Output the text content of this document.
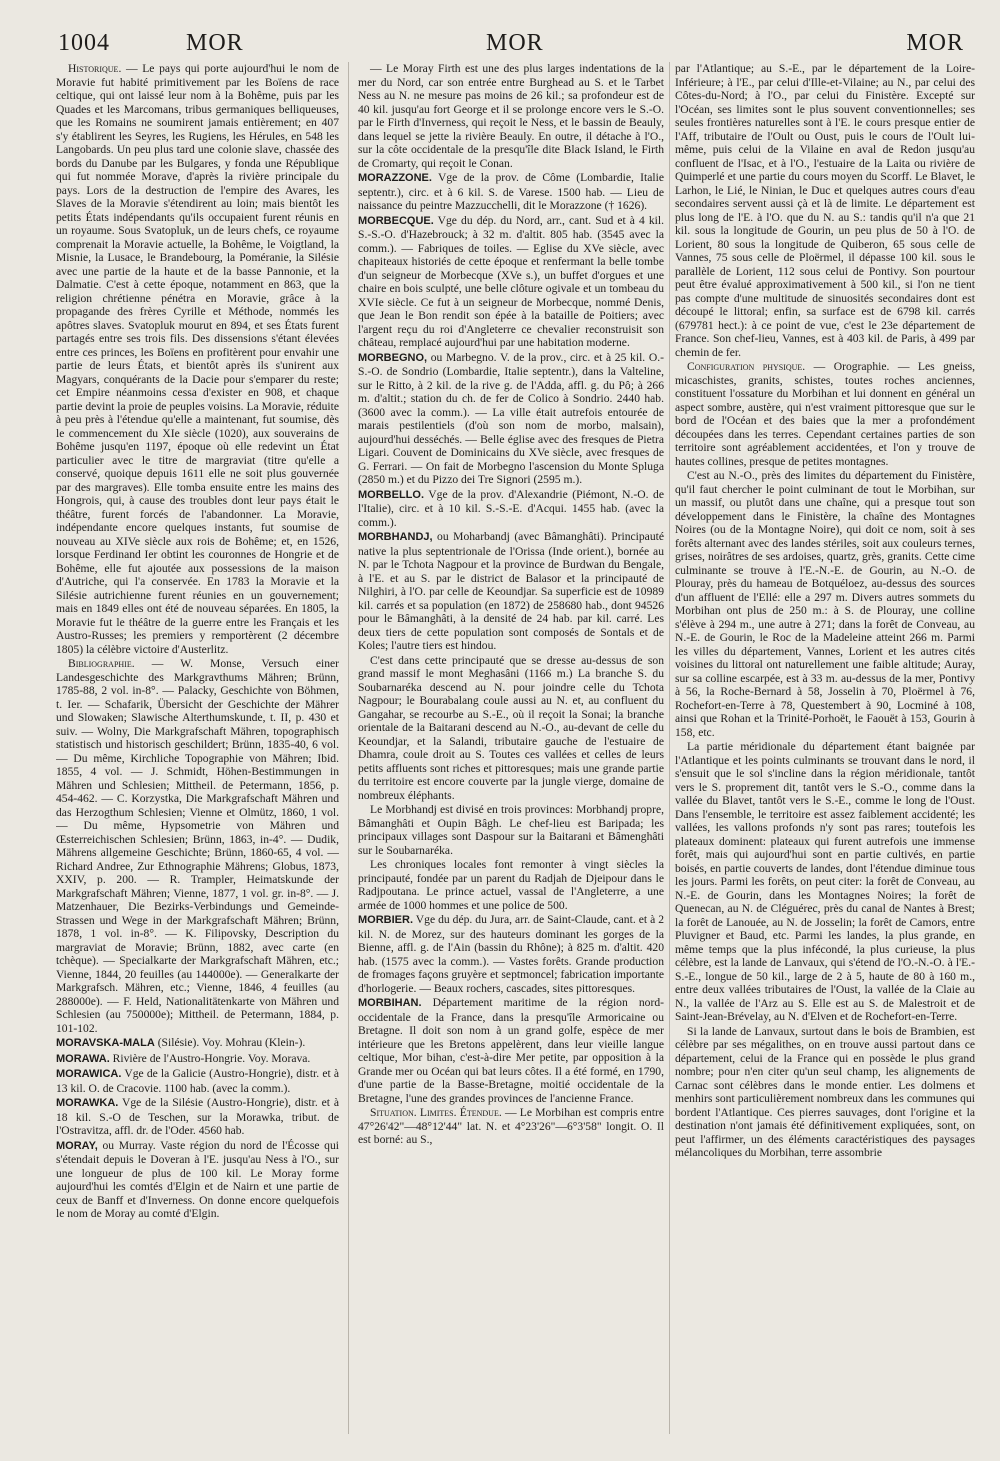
1004	MOR	MOR	MOR

Historique. — Le pays qui porte aujourd'hui le nom de Moravie fut habité primitivement par les Boïens de race celtique, qui ont laissé leur nom à la Bohême, puis par les Quades et les Marcomans, tribus germaniques belliqueuses, que les Romains ne soumirent jamais entièrement; en 407 s'y établirent les Seyres, les Rugiens, les Hérules, en 548 les Langobards. Un peu plus tard une colonie slave, chassée des bords du Danube par les Bulgares, y fonda une République qui fut nommée Morave, d'après la rivière principale du pays. Lors de la destruction de l'empire des Avares, les Slaves de la Moravie s'étendirent au loin; mais bientôt les petits États indépendants qu'ils occupaient furent réunis en un royaume. Sous Svatopluk, un de leurs chefs, ce royaume comprenait la Moravie actuelle, la Bohême, le Voigtland, la Misnie, la Lusace, le Brandebourg, la Poméranie, la Silésie avec une partie de la haute et de la basse Pannonie, et la Dalmatie. C'est à cette époque, notamment en 863, que la religion chrétienne pénétra en Moravie, grâce à la propagande des frères Cyrille et Méthode, nommés les apôtres slaves. Svatopluk mourut en 894, et ses États furent partagés entre ses trois fils. Des dissensions s'étant élevées entre ces princes, les Boïens en profitèrent pour envahir une partie de leurs États, et bientôt après ils s'unirent aux Magyars, conquérants de la Dacie pour s'emparer du reste; cet Empire néanmoins cessa d'exister en 908, et chaque partie devint la proie de peuples voisins. La Moravie, réduite à peu près à l'étendue qu'elle a maintenant, fut soumise, dès le commencement du XIe siècle (1020), aux souverains de Bohême jusqu'en 1197, époque où elle redevint un État particulier avec le titre de margraviat (titre qu'elle a conservé, quoique depuis 1611 elle ne soit plus gouvernée par des margraves). Elle tomba ensuite entre les mains des Hongrois, qui, à cause des troubles dont leur pays était le théâtre, furent forcés de l'abandonner. La Moravie, indépendante encore quelques instants, fut soumise de nouveau au XIVe siècle aux rois de Bohême; et, en 1526, lorsque Ferdinand Ier obtint les couronnes de Hongrie et de Bohême, elle fut ajoutée aux possessions de la maison d'Autriche, qui l'a conservée. En 1783 la Moravie et la Silésie autrichienne furent réunies en un gouvernement; mais en 1849 elles ont été de nouveau séparées. En 1805, la Moravie fut le théâtre de la guerre entre les Français et les Austro-Russes; les premiers y remportèrent (2 décembre 1805) la célèbre victoire d'Austerlitz.

Bibliographie. — W. Monse, Versuch einer Landesgeschichte des Markgravthums Mähren; Brünn, 1785-88, 2 vol. in-8°. — Palacky, Geschichte von Böhmen, t. Ier. — Schafarik, Übersicht der Geschichte der Mährer und Slowaken; Slawische Alterthumskunde, t. II, p. 430 et suiv. — Wolny, Die Markgrafschaft Mähren, topographisch statistisch und historisch geschildert; Brünn, 1835-40, 6 vol. — Du même, Kirchliche Topographie von Mähren; Ibid. 1855, 4 vol. — J. Schmidt, Höhen-Bestimmungen in Mähren und Schlesien; Mittheil. de Petermann, 1856, p. 454-462. — C. Korzystka, Die Markgrafschaft Mähren und das Herzogthum Schlesien; Vienne et Olmütz, 1860, 1 vol. — Du même, Hypsometrie von Mähren und Œsterreichischen Schlesien; Brünn, 1863, in-4°. — Dudik, Mährens allgemeine Geschichte; Brünn, 1860-65, 4 vol. — Richard Andree, Zur Ethnographie Mährens; Globus, 1873, XXIV, p. 200. — R. Trampler, Heimatskunde der Markgrafschaft Mähren; Vienne, 1877, 1 vol. gr. in-8°. — J. Matzenhauer, Die Bezirks-Verbindungs und Gemeinde-Strassen und Wege in der Markgrafschaft Mähren; Brünn, 1878, 1 vol. in-8°. — K. Filipovsky, Description du margraviat de Moravie; Brünn, 1882, avec carte (en tchèque). — Specialkarte der Markgrafschaft Mähren, etc.; Vienne, 1844, 20 feuilles (au 144000e). — Generalkarte der Markgrafsch. Mähren, etc.; Vienne, 1846, 4 feuilles (au 288000e). — F. Held, Nationalitätenkarte von Mähren und Schlesien (au 750000e); Mittheil. de Petermann, 1884, p. 101-102.

MORAVSKA-MALA (Silésie). Voy. Mohrau (Klein-).

MORAWA. Rivière de l'Austro-Hongrie. Voy. Morava.

MORAWICA. Vge de la Galicie (Austro-Hongrie), distr. et à 13 kil. O. de Cracovie. 1100 hab. (avec la comm.).

MORAWKA. Vge de la Silésie (Austro-Hongrie), distr. et à 18 kil. S.-O de Teschen, sur la Morawka, tribut. de l'Ostravitza, affl. dr. de l'Oder. 4560 hab.

MORAY, ou Murray. Vaste région du nord de l'Écosse qui s'étendait depuis le Doveran à l'E. jusqu'au Ness à l'O., sur une longueur de plus de 100 kil. Le Moray forme aujourd'hui les comtés d'Elgin et de Nairn et une partie de ceux de Banff et d'Inverness. On donne encore quelquefois le nom de Moray au comté d'Elgin.

— Le Moray Firth est une des plus larges indentations de la mer du Nord, car son entrée entre Burghead au S. et le Tarbet Ness au N. ne mesure pas moins de 26 kil.; sa profondeur est de 40 kil. jusqu'au fort George et il se prolonge encore vers le S.-O. par le Firth d'Inverness, qui reçoit le Ness, et le bassin de Beauly, dans lequel se jette la rivière Beauly. En outre, il détache à l'O., sur la côte occidentale de la presqu'île dite Black Island, le Firth de Cromarty, qui reçoit le Conan.

MORAZZONE. Vge de la prov. de Côme (Lombardie, Italie septentr.), circ. et à 6 kil. S. de Varese. 1500 hab. — Lieu de naissance du peintre Mazzucchelli, dit le Morazzone († 1626).

MORBECQUE. Vge du dép. du Nord, arr., cant. Sud et à 4 kil. S.-S.-O. d'Hazebrouck; à 32 m. d'altit. 805 hab. (3545 avec la comm.). — Fabriques de toiles. — Eglise du XVe siècle, avec chapiteaux historiés de cette époque et renfermant la belle tombe d'un seigneur de Morbecque (XVe s.), un buffet d'orgues et une chaire en bois sculpté, une belle clôture ogivale et un tombeau du XVIe siècle. Ce fut à un seigneur de Morbecque, nommé Denis, que Jean le Bon rendit son épée à la bataille de Poitiers; avec l'argent reçu du roi d'Angleterre ce chevalier reconstruisit son château, remplacé aujourd'hui par une habitation moderne.

MORBEGNO, ou Marbegno. V. de la prov., circ. et à 25 kil. O.-S.-O. de Sondrio (Lombardie, Italie septentr.), dans la Valteline, sur le Ritto, à 2 kil. de la rive g. de l'Adda, affl. g. du Pô; à 266 m. d'altit.; station du ch. de fer de Colico à Sondrio. 2440 hab. (3600 avec la comm.). — La ville était autrefois entourée de marais pestilentiels (d'où son nom de morbo, malsain), aujourd'hui desséchés. — Belle église avec des fresques de Pietra Ligari. Couvent de Dominicains du XVe siècle, avec fresques de G. Ferrari. — On fait de Morbegno l'ascension du Monte Spluga (2850 m.) et du Pizzo dei Tre Signori (2595 m.).

MORBELLO. Vge de la prov. d'Alexandrie (Piémont, N.-O. de l'Italie), circ. et à 10 kil. S.-S.-E. d'Acqui. 1455 hab. (avec la comm.).

MORBHANDJ, ou Moharbandj (avec Bâmanghâti). Principauté native la plus septentrionale de l'Orissa (Inde orient.), bornée au N. par le Tchota Nagpour et la province de Burdwan du Bengale, à l'E. et au S. par le district de Balasor et la principauté de Nilghiri, à l'O. par celle de Keoundjar. Sa superficie est de 10989 kil. carrés et sa population (en 1872) de 258680 hab., dont 94526 pour le Bâmanghâti, à la densité de 24 hab. par kil. carré. Les deux tiers de cette population sont composés de Sontals et de Koles; l'autre tiers est hindou.

C'est dans cette principauté que se dresse au-dessus de son grand massif le mont Meghasâni (1166 m.) La branche S. du Soubarnaréka descend au N. pour joindre celle du Tchota Nagpour; le Bourabalang coule aussi au N. et, au confluent du Gangahar, se recourbe au S.-E., où il reçoit la Sonai; la branche orientale de la Baitarani descend au N.-O., au-devant de celle du Keoundjar, et la Salandi, tributaire gauche de l'estuaire de Dhamra, coule droit au S. Toutes ces vallées et celles de leurs petits affluents sont riches et pittoresques; mais une grande partie du territoire est encore couverte par la jungle vierge, domaine de nombreux éléphants.

Le Morbhandj est divisé en trois provinces: Morbhandj propre, Bâmanghâti et Oupin Bâgh. Le chef-lieu est Baripada; les principaux villages sont Daspour sur la Baitarani et Bâmenghâti sur le Soubarnaréka.

Les chroniques locales font remonter à vingt siècles la principauté, fondée par un parent du Radjah de Djeipour dans le Radjpoutana. Le prince actuel, vassal de l'Angleterre, a une armée de 1000 hommes et une police de 500.

MORBIER. Vge du dép. du Jura, arr. de Saint-Claude, cant. et à 2 kil. N. de Morez, sur des hauteurs dominant les gorges de la Bienne, affl. g. de l'Ain (bassin du Rhône); à 825 m. d'altit. 420 hab. (1575 avec la comm.). — Vastes forêts. Grande production de fromages façons gruyère et septmoncel; fabrication importante d'horlogerie. — Beaux rochers, cascades, sites pittoresques.

MORBIHAN. Département maritime de la région nord-occidentale de la France, dans la presqu'île Armoricaine ou Bretagne. Il doit son nom à un grand golfe, espèce de mer intérieure que les Bretons appelèrent, dans leur vieille langue celtique, Mor bihan, c'est-à-dire Mer petite, par opposition à la Grande mer ou Océan qui bat leurs côtes. Il a été formé, en 1790, d'une partie de la Basse-Bretagne, moitié occidentale de la Bretagne, l'une des grandes provinces de l'ancienne France.

Situation. Limites. Étendue. — Le Morbihan est compris entre 47°26'42"—48°12'44" lat. N. et 4°23'26"—6°3'58" longit. O. Il est borné: au S.,

par l'Atlantique; au S.-E., par le département de la Loire-Inférieure; à l'E., par celui d'Ille-et-Vilaine; au N., par celui des Côtes-du-Nord; à l'O., par celui du Finistère. Excepté sur l'Océan, ses limites sont le plus souvent conventionnelles; ses seules frontières naturelles sont à l'E. le cours presque entier de l'Aff, tributaire de l'Oult ou Oust, puis le cours de l'Oult lui-même, puis celui de la Vilaine en aval de Redon jusqu'au confluent de l'Isac, et à l'O., l'estuaire de la Laita ou rivière de Quimperlé et une partie du cours moyen du Scorff. Le Blavet, le Larhon, le Lié, le Ninian, le Duc et quelques autres cours d'eau secondaires servent aussi çà et là de limite. Le département est plus long de l'E. à l'O. que du N. au S.: tandis qu'il n'a que 21 kil. sous la longitude de Gourin, un peu plus de 50 à l'O. de Lorient, 80 sous la longitude de Quiberon, 65 sous celle de Vannes, 75 sous celle de Ploërmel, il dépasse 100 kil. sous le parallèle de Lorient, 112 sous celui de Pontivy. Son pourtour peut être évalué approximativement à 500 kil., si l'on ne tient pas compte d'une multitude de sinuosités secondaires dont est découpé le littoral; enfin, sa surface est de 6798 kil. carrés (679781 hect.): à ce point de vue, c'est le 23e département de France. Son chef-lieu, Vannes, est à 403 kil. de Paris, à 499 par chemin de fer.

Configuration physique. — Orographie. — Les gneiss, micaschistes, granits, schistes, toutes roches anciennes, constituent l'ossature du Morbihan et lui donnent en général un aspect sombre, austère, qui n'est vraiment pittoresque que sur le bord de l'Océan et des baies que la mer a profondément découpées dans les terres. Cependant certaines parties de son territoire sont agréablement accidentées, et l'on y trouve de hautes collines, presque de petites montagnes.

C'est au N.-O., près des limites du département du Finistère, qu'il faut chercher le point culminant de tout le Morbihan, sur un massif, ou plutôt dans une chaîne, qui a presque tout son développement dans le Finistère, la chaîne des Montagnes Noires (ou de la Montagne Noire), qui doit ce nom, soit à ses forêts alternant avec des landes stériles, soit aux couleurs ternes, grises, noirâtres de ses ardoises, quartz, grès, granits. Cette cime culminante se trouve à l'E.-N.-E. de Gourin, au N.-O. de Plouray, près du hameau de Botquéloez, au-dessus des sources d'un affluent de l'Ellé: elle a 297 m. Divers autres sommets du Morbihan ont plus de 250 m.: à S. de Plouray, une colline s'élève à 294 m., une autre à 271; dans la forêt de Conveau, au N.-E. de Gourin, le Roc de la Madeleine atteint 266 m. Parmi les villes du département, Vannes, Lorient et les autres cités voisines du littoral ont naturellement une faible altitude; Auray, sur sa colline escarpée, est à 33 m. au-dessus de la mer, Pontivy à 56, la Roche-Bernard à 58, Josselin à 70, Ploërmel à 76, Rochefort-en-Terre à 78, Questembert à 90, Locminé à 108, ainsi que Rohan et la Trinité-Porhoët, le Faouët à 153, Gourin à 158, etc.

La partie méridionale du département étant baignée par l'Atlantique et les points culminants se trouvant dans le nord, il s'ensuit que le sol s'incline dans la région méridionale, tantôt vers le S. proprement dit, tantôt vers le S.-O., comme dans la vallée du Blavet, tantôt vers le S.-E., comme le long de l'Oust. Dans l'ensemble, le territoire est assez faiblement accidenté; les vallées, les vallons profonds n'y sont pas rares; toutefois les plateaux dominent: plateaux qui furent autrefois une immense forêt, mais qui aujourd'hui sont en partie cultivés, en partie boisés, en partie couverts de landes, dont l'étendue diminue tous les jours. Parmi les forêts, on peut citer: la forêt de Conveau, au N.-E. de Gourin, dans les Montagnes Noires; la forêt de Quenecan, au N. de Cléguérec, près du canal de Nantes à Brest; la forêt de Lanouée, au N. de Josselin; la forêt de Camors, entre Pluvigner et Baud, etc. Parmi les landes, la plus grande, en même temps que la plus infécondé, la plus curieuse, la plus célèbre, est la lande de Lanvaux, qui s'étend de l'O.-N.-O. à l'E.-S.-E., longue de 50 kil., large de 2 à 5, haute de 80 à 160 m., entre deux vallées tributaires de l'Oust, la vallée de la Claie au N., la vallée de l'Arz au S. Elle est au S. de Malestroit et de Saint-Jean-Brévelay, au N. d'Elven et de Rochefort-en-Terre.

Si la lande de Lanvaux, surtout dans le bois de Brambien, est célèbre par ses mégalithes, on en trouve aussi partout dans ce département, celui de la France qui en possède le plus grand nombre; pour n'en citer qu'un seul champ, les alignements de Carnac sont célèbres dans le monde entier. Les dolmens et menhirs sont particulièrement nombreux dans les communes qui bordent l'Atlantique. Ces pierres sauvages, dont l'origine et la destination n'ont jamais été définitivement expliquées, sont, on peut l'affirmer, un des éléments caractéristiques des paysages mélancoliques du Morbihan, terre assombrie
